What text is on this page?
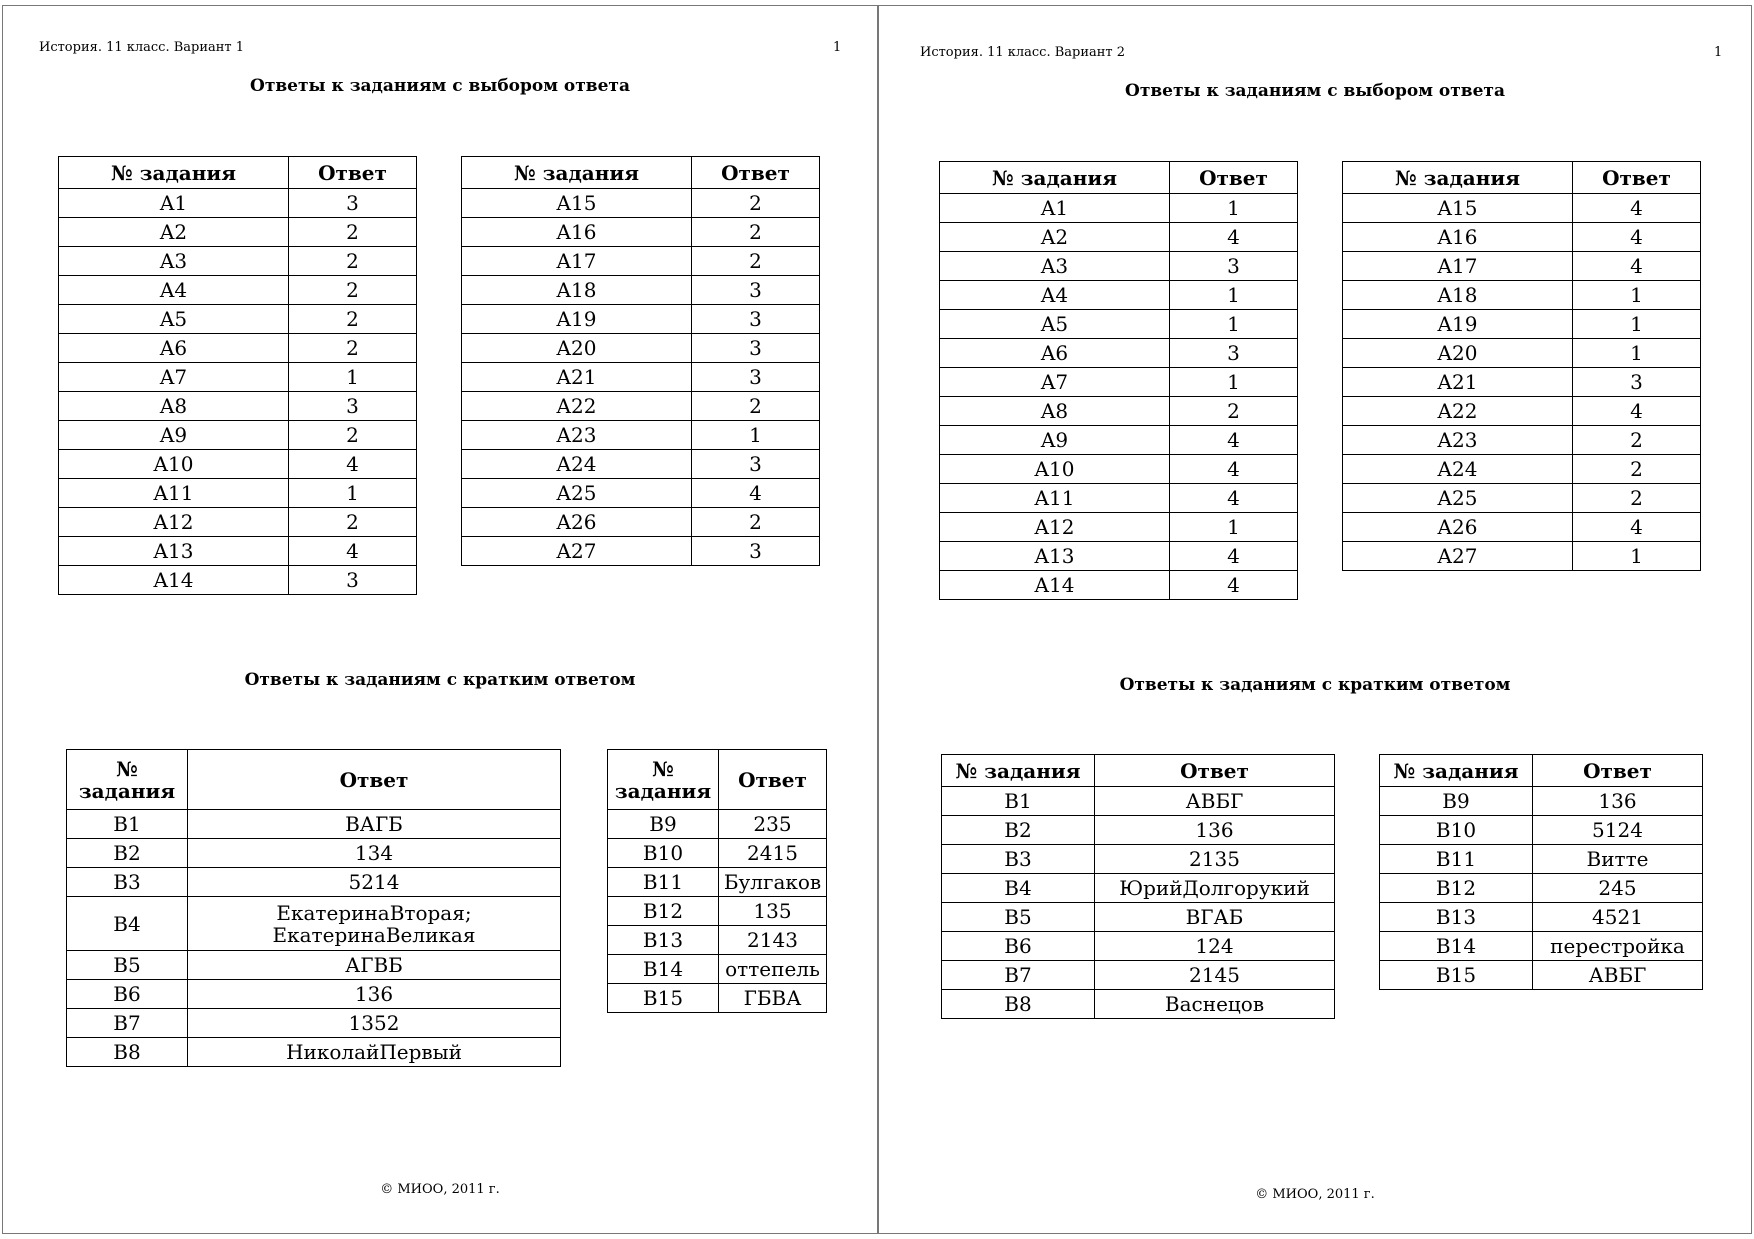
История. 11 класс. Вариант 1	1
Ответы к заданиям с выбором ответа
№ задания	Ответ
A1	3
A2	2
A3	2
A4	2
A5	2
A6	2
A7	1
A8	3
A9	2
A10	4
A11	1
A12	2
A13	4
A14	3
№ задания	Ответ
A15	2
A16	2
A17	2
A18	3
A19	3
A20	3
A21	3
A22	2
A23	1
A24	3
A25	4
A26	2
A27	3
Ответы к заданиям с кратким ответом
№
задания	Ответ
B1	ВАГБ
B2	134
B3	5214
B4	ЕкатеринаВторая;
ЕкатеринаВеликая
B5	АГВБ
B6	136
B7	1352
B8	НиколайПервый
№
задания	Ответ
B9	235
B10	2415
B11	Булгаков
B12	135
B13	2143
B14	оттепель
B15	ГБВА
© МИОО, 2011 г.
История. 11 класс. Вариант 2	1
Ответы к заданиям с выбором ответа
№ задания	Ответ
A1	1
A2	4
A3	3
A4	1
A5	1
A6	3
A7	1
A8	2
A9	4
A10	4
A11	4
A12	1
A13	4
A14	4
№ задания	Ответ
A15	4
A16	4
A17	4
A18	1
A19	1
A20	1
A21	3
A22	4
A23	2
A24	2
A25	2
A26	4
A27	1
Ответы к заданиям с кратким ответом
№ задания	Ответ
B1	АВБГ
B2	136
B3	2135
B4	ЮрийДолгорукий
B5	ВГАБ
B6	124
B7	2145
B8	Васнецов
№ задания	Ответ
B9	136
B10	5124
B11	Витте
B12	245
B13	4521
B14	перестройка
B15	АВБГ
© МИОО, 2011 г.
